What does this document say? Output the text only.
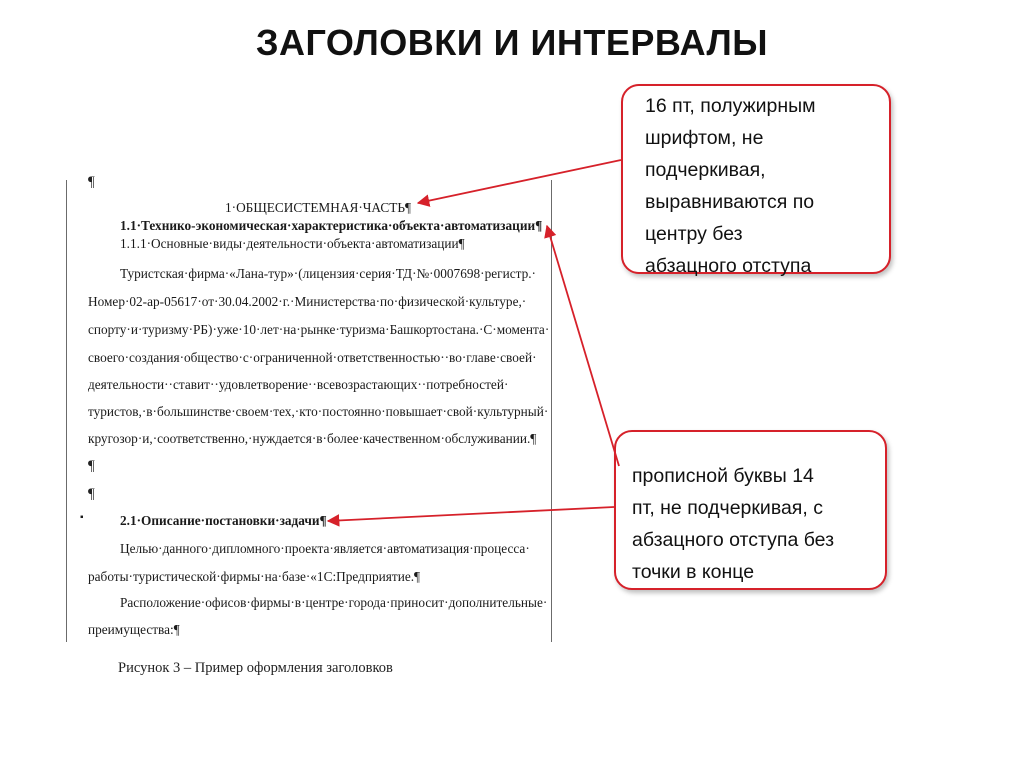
ЗАГОЛОВКИ И ИНТЕРВАЛЫ
¶
1·ОБЩЕСИСТЕМНАЯ·ЧАСТЬ¶
1.1·Технико-экономическая·характеристика·объекта·автоматизации¶
1.1.1·Основные·виды·деятельности·объекта·автоматизации¶
Туристская·фирма·«Лана-тур»·(лицензия·серия·ТД·№·0007698·регистр.·
Номер·02-ар-05617·от·30.04.2002·г.·Министерства·по·физической·культуре,·
спорту·и·туризму·РБ)·уже·10·лет·на·рынке·туризма·Башкортостана.·С·момента·
своего·создания·общество·с·ограниченной·ответственностью··во·главе·своей·
деятельности··ставит··удовлетворение··всевозрастающих··потребностей·
туристов,·в·большинстве·своем·тех,·кто·постоянно·повышает·свой·культурный·
кругозор·и,·соответственно,·нуждается·в·более·качественном·обслуживании.¶
¶
¶
▪	2.1·Описание·постановки·задачи¶
Целью·данного·дипломного·проекта·является·автоматизация·процесса·
работы·туристической·фирмы·на·базе·«1С:Предприятие.¶
Расположение·офисов·фирмы·в·центре·города·приносит·дополнительные·
преимущества:¶
Рисунок 3 – Пример оформления заголовков
16 пт, полужирным
шрифтом, не
подчеркивая,
выравниваются по
центру без
абзацного отступа
прописной буквы 14
пт, не подчеркивая, с
абзацного отступа без
точки в конце
